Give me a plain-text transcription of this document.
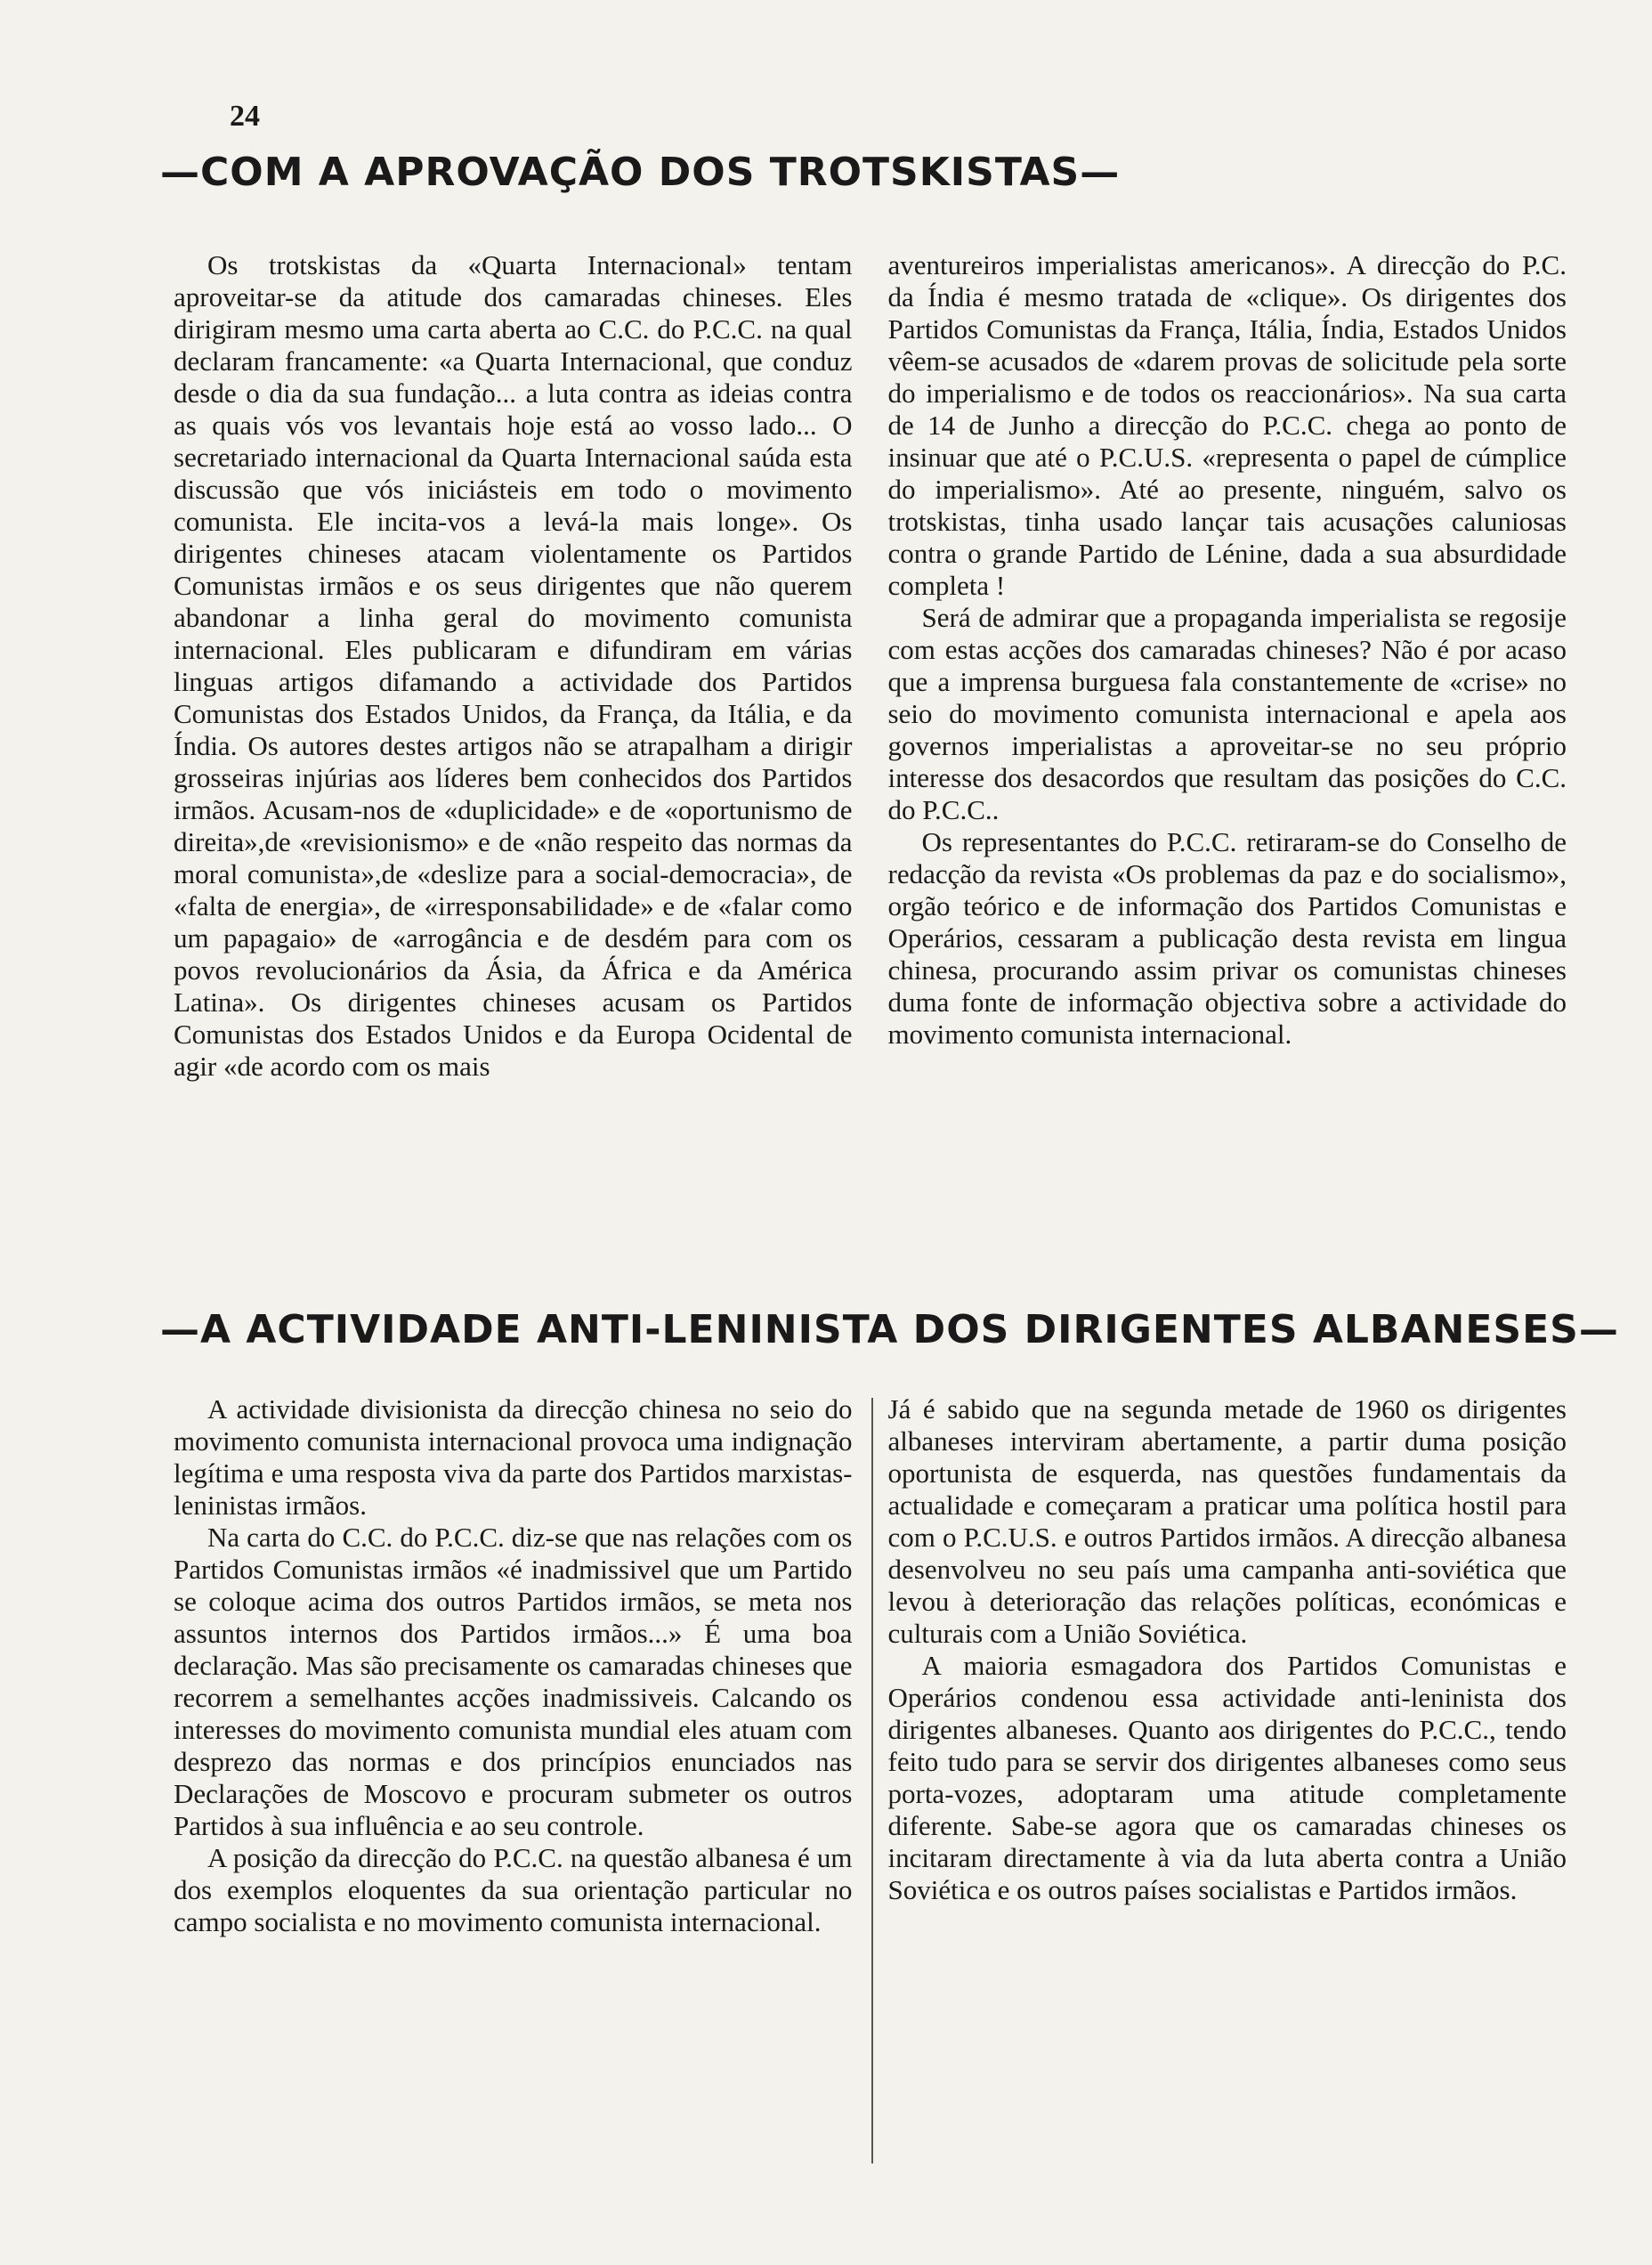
24
—COM A APROVAÇÃO DOS TROTSKISTAS—

Os trotskistas da «Quarta Internacional» tentam aproveitar-se da atitude dos camaradas chineses. Eles dirigiram mesmo uma carta aberta ao C.C. do P.C.C. na qual declaram francamente: «a Quarta Internacional, que conduz desde o dia da sua fundação... a luta contra as ideias contra as quais vós vos levantais hoje está ao vosso lado... O secretariado internacional da Quarta Internacional saúda esta discussão que vós iniciásteis em todo o movimento comunista. Ele incita-vos a levá-la mais longe». Os dirigentes chineses atacam violentamente os Partidos Comunistas irmãos e os seus dirigentes que não querem abandonar a linha geral do movimento comunista internacional. Eles publicaram e difundiram em várias linguas artigos difamando a actividade dos Partidos Comunistas dos Estados Unidos, da França, da Itália, e da Índia. Os autores destes artigos não se atrapalham a dirigir grosseiras injúrias aos líderes bem conhecidos dos Partidos irmãos. Acusam-nos de «duplicidade» e de «oportunismo de direita»,de «revisionismo» e de «não respeito das normas da moral comunista»,de «deslize para a social-democracia», de «falta de energia», de «irresponsabilidade» e de «falar como um papagaio» de «arrogância e de desdém para com os povos revolucionários da Ásia, da África e da América Latina». Os dirigentes chineses acusam os Partidos Comunistas dos Estados Unidos e da Europa Ocidental de agir «de acordo com os mais

aventureiros imperialistas americanos». A direcção do P.C. da Índia é mesmo tratada de «clique». Os dirigentes dos Partidos Comunistas da França, Itália, Índia, Estados Unidos vêem-se acusados de «darem provas de solicitude pela sorte do imperialismo e de todos os reaccionários». Na sua carta de 14 de Junho a direcção do P.C.C. chega ao ponto de insinuar que até o P.C.U.S. «representa o papel de cúmplice do imperialismo». Até ao presente, ninguém, salvo os trotskistas, tinha usado lançar tais acusações caluniosas contra o grande Partido de Lénine, dada a sua absurdidade completa !

Será de admirar que a propaganda imperialista se regosije com estas acções dos camaradas chineses? Não é por acaso que a imprensa burguesa fala constantemente de «crise» no seio do movimento comunista internacional e apela aos governos imperialistas a aproveitar-se no seu próprio interesse dos desacordos que resultam das posições do C.C. do P.C.C..

Os representantes do P.C.C. retiraram-se do Conselho de redacção da revista «Os problemas da paz e do socialismo», orgão teórico e de informação dos Partidos Comunistas e Operários, cessaram a publicação desta revista em lingua chinesa, procurando assim privar os comunistas chineses duma fonte de informação objectiva sobre a actividade do movimento comunista internacional.

—A ACTIVIDADE ANTI-LENINISTA DOS DIRIGENTES ALBANESES—

A actividade divisionista da direcção chinesa no seio do movimento comunista internacional provoca uma indignação legítima e uma resposta viva da parte dos Partidos marxistas-leninistas irmãos.

Na carta do C.C. do P.C.C. diz-se que nas relações com os Partidos Comunistas irmãos «é inadmissivel que um Partido se coloque acima dos outros Partidos irmãos, se meta nos assuntos internos dos Partidos irmãos...» É uma boa declaração. Mas são precisamente os camaradas chineses que recorrem a semelhantes acções inadmissiveis. Calcando os interesses do movimento comunista mundial eles atuam com desprezo das normas e dos princípios enunciados nas Declarações de Moscovo e procuram submeter os outros Partidos à sua influência e ao seu controle.

A posição da direcção do P.C.C. na questão albanesa é um dos exemplos eloquentes da sua orientação particular no campo socialista e no movimento comunista internacional.

Já é sabido que na segunda metade de 1960 os dirigentes albaneses interviram abertamente, a partir duma posição oportunista de esquerda, nas questões fundamentais da actualidade e começaram a praticar uma política hostil para com o P.C.U.S. e outros Partidos irmãos. A direcção albanesa desenvolveu no seu país uma campanha anti-soviética que levou à deterioração das relações políticas, económicas e culturais com a União Soviética.

A maioria esmagadora dos Partidos Comunistas e Operários condenou essa actividade anti-leninista dos dirigentes albaneses. Quanto aos dirigentes do P.C.C., tendo feito tudo para se servir dos dirigentes albaneses como seus porta-vozes, adoptaram uma atitude completamente diferente. Sabe-se agora que os camaradas chineses os incitaram directamente à via da luta aberta contra a União Soviética e os outros países socialistas e Partidos irmãos.
